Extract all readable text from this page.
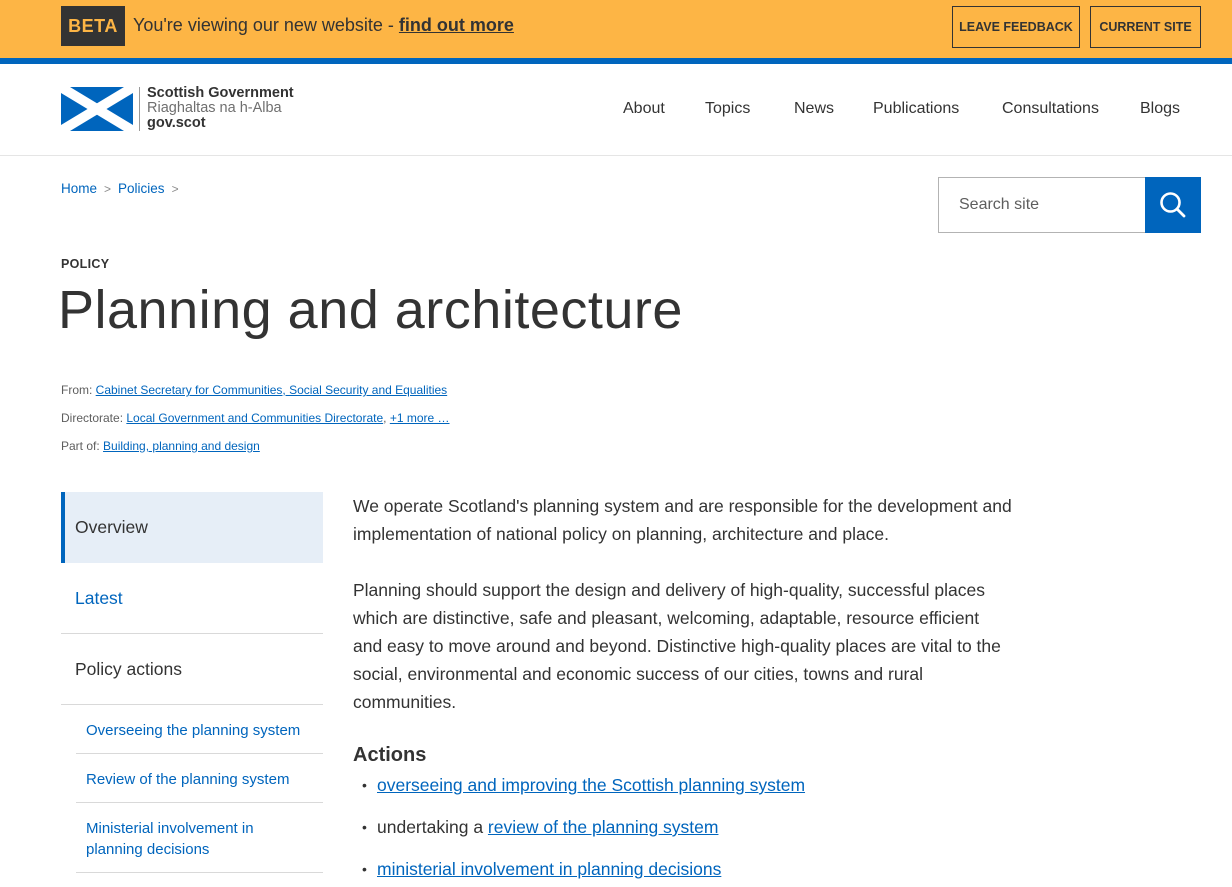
BETA You're viewing our new website - find out more	LEAVE FEEDBACK	CURRENT SITE
Scottish Government
Riaghaltas na h-Alba
gov.scot
About	Topics	News Publications	Consultations	Blogs
Home > Policies >
Search site
POLICY
Planning and architecture
From: Cabinet Secretary for Communities, Social Security and Equalities
Directorate: Local Government and Communities Directorate, +1 more …
Part of: Building, planning and design
Overview
Latest
Policy actions
Overseeing the planning system
Review of the planning system
Ministerial involvement in planning decisions

We operate Scotland's planning system and are responsible for the development and implementation of national policy on planning, architecture and place.

Planning should support the design and delivery of high-quality, successful places which are distinctive, safe and pleasant, welcoming, adaptable, resource efficient and easy to move around and beyond. Distinctive high-quality places are vital to the social, environmental and economic success of our cities, towns and rural communities.

Actions
• overseeing and improving the Scottish planning system
• undertaking a review of the planning system
• ministerial involvement in planning decisions
